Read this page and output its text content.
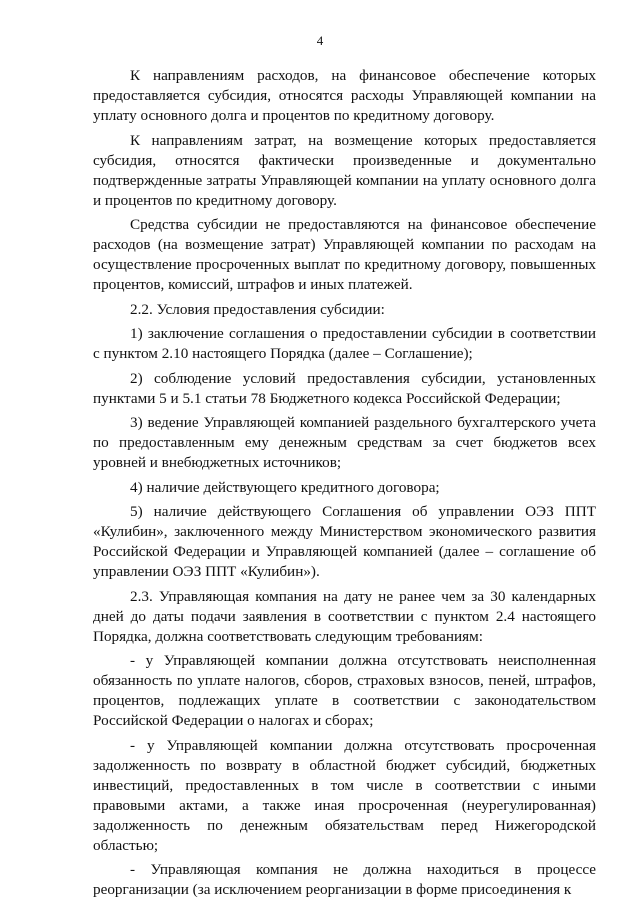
4

К направлениям расходов, на финансовое обеспечение которых предоставляется субсидия, относятся расходы Управляющей компании на уплату основного долга и процентов по кредитному договору.

К направлениям затрат, на возмещение которых предоставляется субсидия, относятся фактически произведенные и документально подтвержденные затраты Управляющей компании на уплату основного долга и процентов по кредитному договору.

Средства субсидии не предоставляются на финансовое обеспечение расходов (на возмещение затрат) Управляющей компании по расходам на осуществление просроченных выплат по кредитному договору, повышенных процентов, комиссий, штрафов и иных платежей.

2.2. Условия предоставления субсидии:

1) заключение соглашения о предоставлении субсидии в соответствии с пунктом 2.10 настоящего Порядка (далее – Соглашение);

2) соблюдение условий предоставления субсидии, установленных пунктами 5 и 5.1 статьи 78 Бюджетного кодекса Российской Федерации;

3) ведение Управляющей компанией раздельного бухгалтерского учета по предоставленным ему денежным средствам за счет бюджетов всех уровней и внебюджетных источников;

4) наличие действующего кредитного договора;

5) наличие действующего Соглашения об управлении ОЭЗ ППТ «Кулибин», заключенного между Министерством экономического развития Российской Федерации и Управляющей компанией (далее – соглашение об управлении ОЭЗ ППТ «Кулибин»).

2.3. Управляющая компания на дату не ранее чем за 30 календарных дней до даты подачи заявления в соответствии с пунктом 2.4 настоящего Порядка, должна соответствовать следующим требованиям:

- у Управляющей компании должна отсутствовать неисполненная обязанность по уплате налогов, сборов, страховых взносов, пеней, штрафов, процентов, подлежащих уплате в соответствии с законодательством Российской Федерации о налогах и сборах;

- у Управляющей компании должна отсутствовать просроченная задолженность по возврату в областной бюджет субсидий, бюджетных инвестиций, предоставленных в том числе в соответствии с иными правовыми актами, а также иная просроченная (неурегулированная) задолженность по денежным обязательствам перед Нижегородской областью;

- Управляющая компания не должна находиться в процессе реорганизации (за исключением реорганизации в форме присоединения к
